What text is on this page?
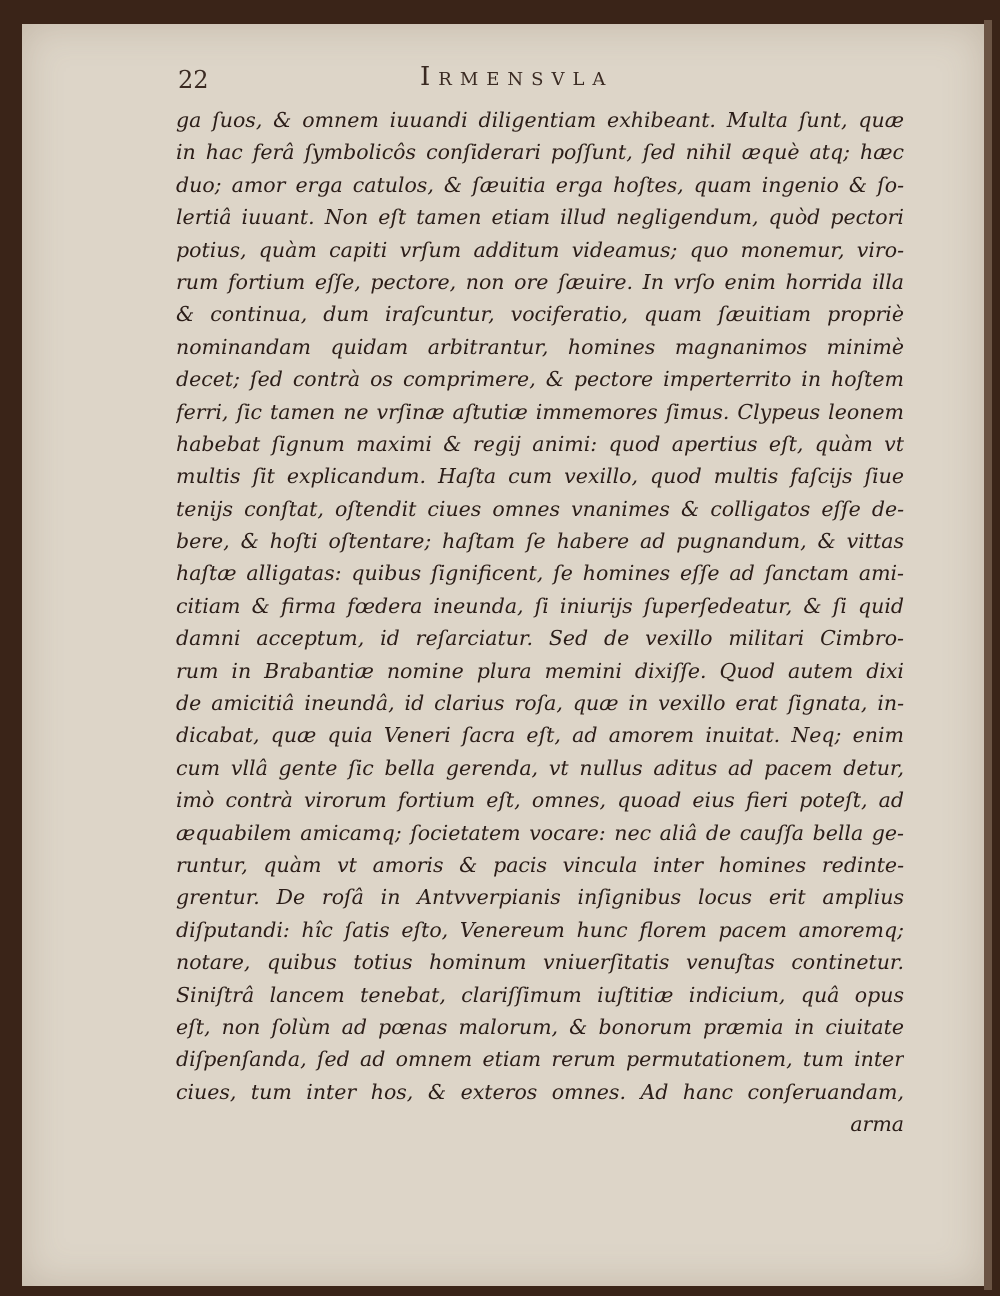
22	Irmensvla
ga ſuos, & omnem iuuandi diligentiam exhibeant. Multa ſunt, quæ
in hac ferâ ſymbolicôs conſiderari poſſunt, ſed nihil æquè atq; hæc
duo; amor erga catulos, & ſæuitia erga hoſtes, quam ingenio & ſo-
lertiâ iuuant. Non eſt tamen etiam illud negligendum, quòd pectori
potius, quàm capiti vrſum additum videamus; quo monemur, viro-
rum fortium eſſe, pectore, non ore ſæuire. In vrſo enim horrida illa
& continua, dum iraſcuntur, vociferatio, quam ſæuitiam propriè
nominandam quidam arbitrantur, homines magnanimos minimè
decet; ſed contrà os comprimere, & pectore imperterrito in hoſtem
ferri, ſic tamen ne vrſinæ aſtutiæ immemores ſimus. Clypeus leonem
habebat ſignum maximi & regij animi: quod apertius eſt, quàm vt
multis ſit explicandum. Haſta cum vexillo, quod multis faſcijs ſiue
tenijs conſtat, oſtendit ciues omnes vnanimes & colligatos eſſe de-
bere, & hoſti oſtentare; haſtam ſe habere ad pugnandum, & vittas
haſtæ alligatas: quibus ſignificent, ſe homines eſſe ad ſanctam ami-
citiam & firma fœdera ineunda, ſi iniurijs ſuperſedeatur, & ſi quid
damni acceptum, id reſarciatur. Sed de vexillo militari Cimbro-
rum in Brabantiæ nomine plura memini dixiſſe. Quod autem dixi
de amicitiâ ineundâ, id clarius roſa, quæ in vexillo erat ſignata, in-
dicabat, quæ quia Veneri ſacra eſt, ad amorem inuitat. Neq; enim
cum vllâ gente ſic bella gerenda, vt nullus aditus ad pacem detur,
imò contrà virorum fortium eſt, omnes, quoad eius fieri poteſt, ad
æquabilem amicamq; ſocietatem vocare: nec aliâ de cauſſa bella ge-
runtur, quàm vt amoris & pacis vincula inter homines redinte-
grentur. De roſâ in Antvverpianis inſignibus locus erit amplius
diſputandi: hîc ſatis eſto, Venereum hunc florem pacem amoremq;
notare, quibus totius hominum vniuerſitatis venuſtas continetur.
Siniſtrâ lancem tenebat, clariſſimum iuſtitiæ indicium, quâ opus
eſt, non ſolùm ad pœnas malorum, & bonorum præmia in ciuitate
diſpenſanda, ſed ad omnem etiam rerum permutationem, tum inter
ciues, tum inter hos, & exteros omnes. Ad hanc conſeruandam,
arma
